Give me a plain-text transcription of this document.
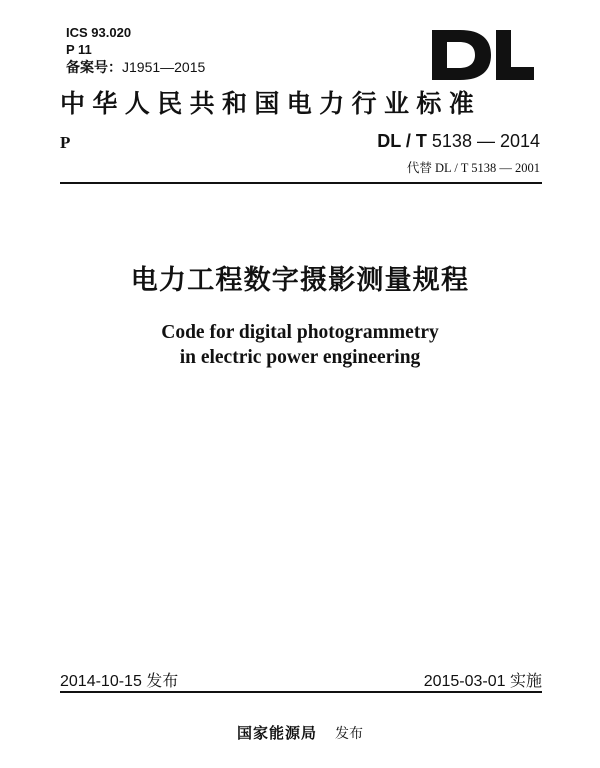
ICS 93.020
P 11
备案号：J1951—2015
中华人民共和国电力行业标准
P	DL / T 5138 — 2014
代替 DL / T 5138 — 2001
电力工程数字摄影测量规程
Code for digital photogrammetry
in electric power engineering
2014-10-15 发布	2015-03-01 实施
国家能源局 发布
